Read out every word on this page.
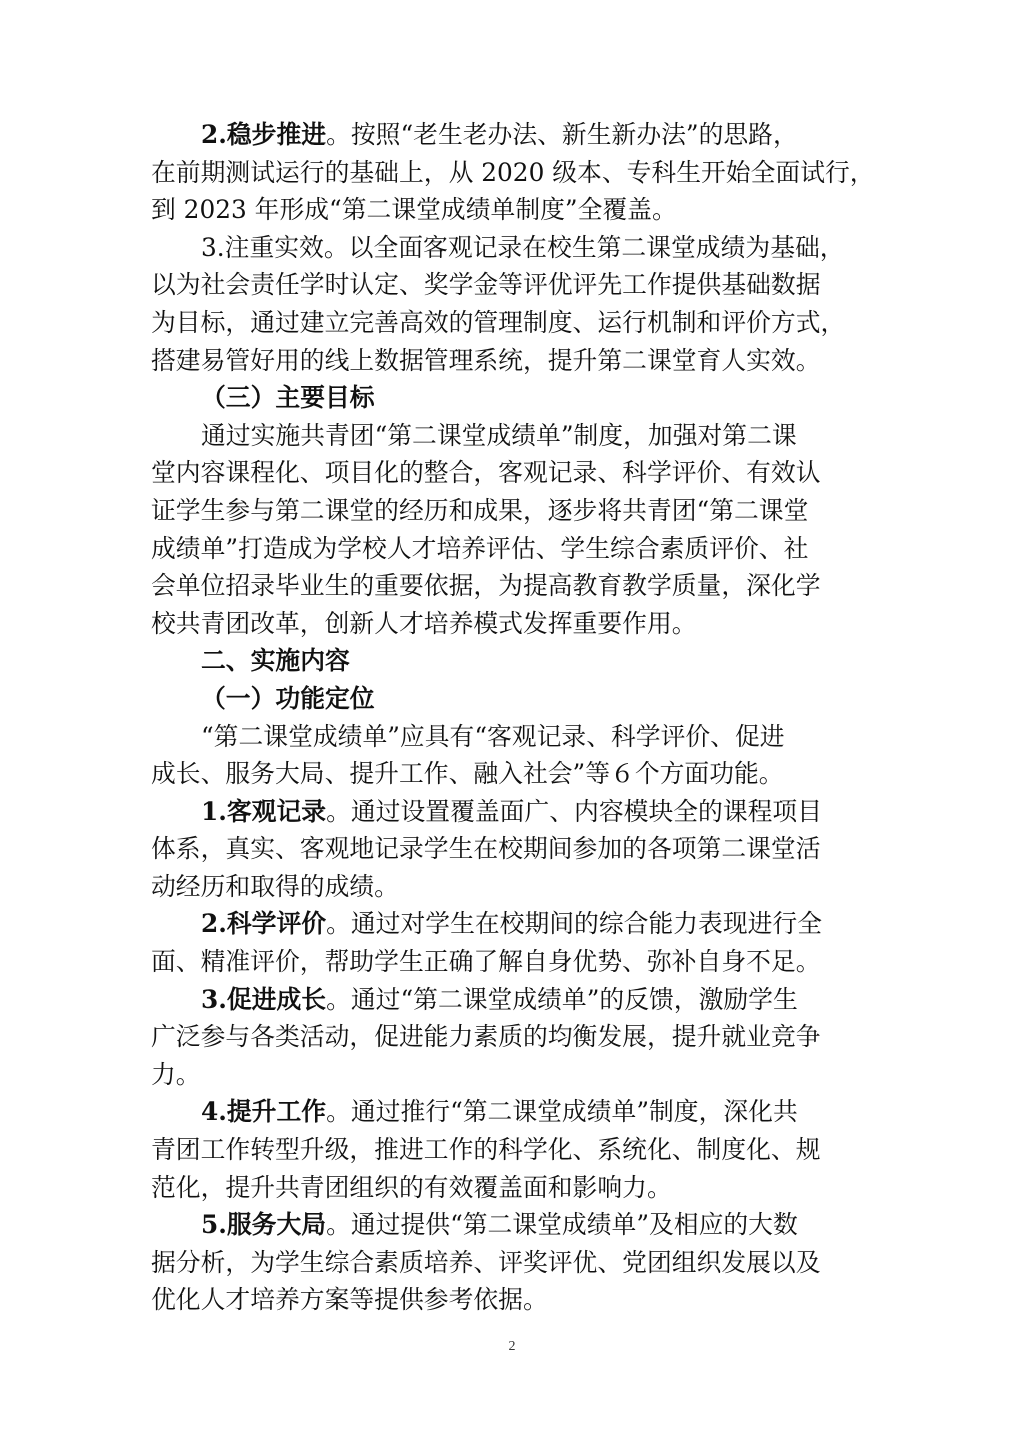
2.稳步推进。按照“老生老办法、新生新办法”的思路，
在前期测试运行的基础上，从 2020 级本、专科生开始全面试行，
到 2023 年形成“第二课堂成绩单制度”全覆盖。
3.注重实效。以全面客观记录在校生第二课堂成绩为基础，
以为社会责任学时认定、奖学金等评优评先工作提供基础数据
为目标，通过建立完善高效的管理制度、运行机制和评价方式，
搭建易管好用的线上数据管理系统，提升第二课堂育人实效。
（三）主要目标
通过实施共青团“第二课堂成绩单”制度，加强对第二课
堂内容课程化、项目化的整合，客观记录、科学评价、有效认
证学生参与第二课堂的经历和成果，逐步将共青团“第二课堂
成绩单”打造成为学校人才培养评估、学生综合素质评价、社
会单位招录毕业生的重要依据，为提高教育教学质量，深化学
校共青团改革，创新人才培养模式发挥重要作用。
二、实施内容
（一）功能定位
“第二课堂成绩单”应具有“客观记录、科学评价、促进
成长、服务大局、提升工作、融入社会”等６个方面功能。
1.客观记录。通过设置覆盖面广、内容模块全的课程项目
体系，真实、客观地记录学生在校期间参加的各项第二课堂活
动经历和取得的成绩。
2.科学评价。通过对学生在校期间的综合能力表现进行全
面、精准评价，帮助学生正确了解自身优势、弥补自身不足。
3.促进成长。通过“第二课堂成绩单”的反馈，激励学生
广泛参与各类活动，促进能力素质的均衡发展，提升就业竞争
力。
4.提升工作。通过推行“第二课堂成绩单”制度，深化共
青团工作转型升级，推进工作的科学化、系统化、制度化、规
范化，提升共青团组织的有效覆盖面和影响力。
5.服务大局。通过提供“第二课堂成绩单”及相应的大数
据分析，为学生综合素质培养、评奖评优、党团组织发展以及
优化人才培养方案等提供参考依据。
2
